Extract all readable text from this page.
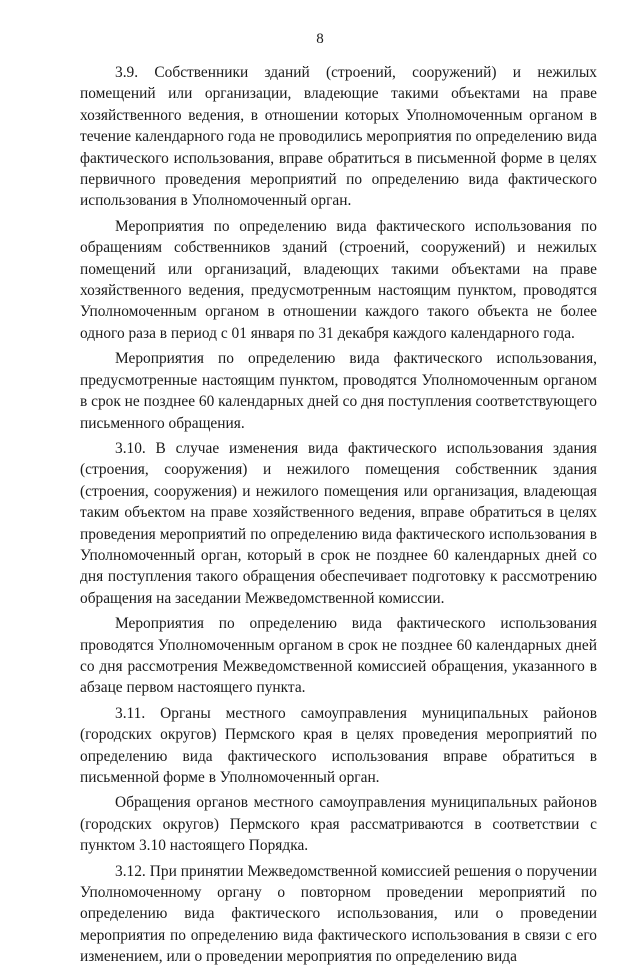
8

3.9. Собственники зданий (строений, сооружений) и нежилых помещений или организации, владеющие такими объектами на праве хозяйственного ведения, в отношении которых Уполномоченным органом в течение календарного года не проводились мероприятия по определению вида фактического использования, вправе обратиться в письменной форме в целях первичного проведения мероприятий по определению вида фактического использования в Уполномоченный орган.

Мероприятия по определению вида фактического использования по обращениям собственников зданий (строений, сооружений) и нежилых помещений или организаций, владеющих такими объектами на праве хозяйственного ведения, предусмотренным настоящим пунктом, проводятся Уполномоченным органом в отношении каждого такого объекта не более одного раза в период с 01 января по 31 декабря каждого календарного года.

Мероприятия по определению вида фактического использования, предусмотренные настоящим пунктом, проводятся Уполномоченным органом в срок не позднее 60 календарных дней со дня поступления соответствующего письменного обращения.

3.10. В случае изменения вида фактического использования здания (строения, сооружения) и нежилого помещения собственник здания (строения, сооружения) и нежилого помещения или организация, владеющая таким объектом на праве хозяйственного ведения, вправе обратиться в целях проведения мероприятий по определению вида фактического использования в Уполномоченный орган, который в срок не позднее 60 календарных дней со дня поступления такого обращения обеспечивает подготовку к рассмотрению обращения на заседании Межведомственной комиссии.

Мероприятия по определению вида фактического использования проводятся Уполномоченным органом в срок не позднее 60 календарных дней со дня рассмотрения Межведомственной комиссией обращения, указанного в абзаце первом настоящего пункта.

3.11. Органы местного самоуправления муниципальных районов (городских округов) Пермского края в целях проведения мероприятий по определению вида фактического использования вправе обратиться в письменной форме в Уполномоченный орган.

Обращения органов местного самоуправления муниципальных районов (городских округов) Пермского края рассматриваются в соответствии с пунктом 3.10 настоящего Порядка.

3.12. При принятии Межведомственной комиссией решения о поручении Уполномоченному органу о повторном проведении мероприятий по определению вида фактического использования, или о проведении мероприятия по определению вида фактического использования в связи с его изменением, или о проведении мероприятия по определению вида
